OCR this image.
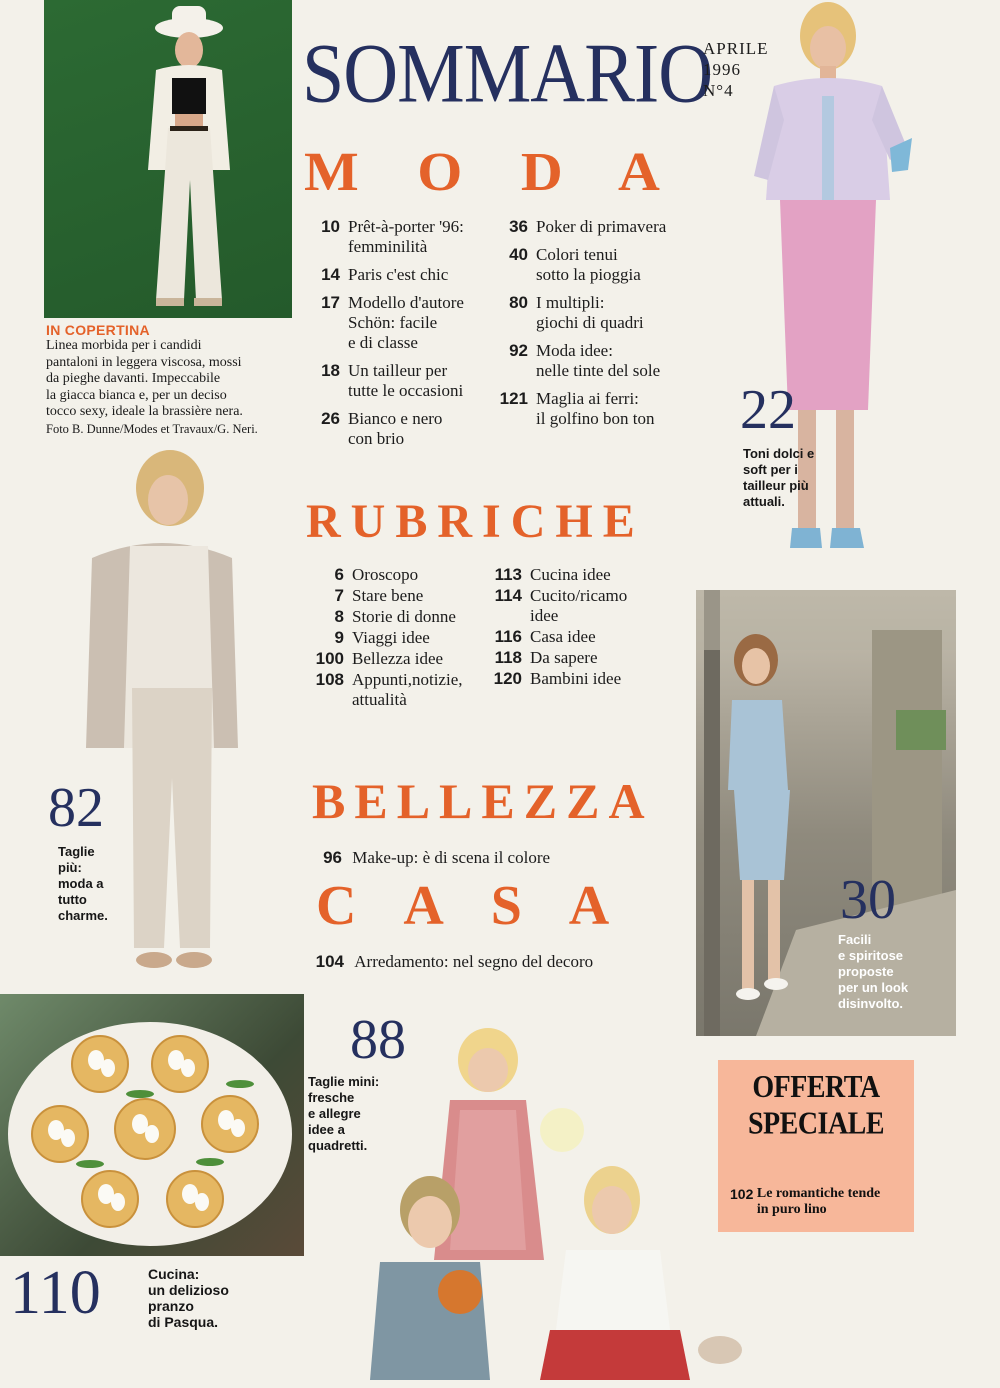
IN COPERTINA
Linea morbida per i candidi
pantaloni in leggera viscosa, mossi
da pieghe davanti. Impeccabile
la giacca bianca e, per un deciso
tocco sexy, ideale la brassière nera.
Foto B. Dunne/Modes et Travaux/G. Neri.
SOMMARIO
APRILE
1996
N°4
22
Toni dolci e
soft per i
tailleur più
attuali.
82
Taglie
più:
moda a
tutto
charme.	30
Facili
e spiritose
proposte
per un look
disinvolto.
110	Cucina:
un delizioso
pranzo
di Pasqua.
88
Taglie mini:
fresche
e allegre
idee a
quadretti.
OFFERTA
SPECIALE
102 Le romantiche tende
in puro lino
M O D A
10 Prêt-à-porter '96:
femminilità
14 Paris c'est chic
17 Modello d'autore
Schön: facile
e di classe
18 Un tailleur per
tutte le occasioni
26 Bianco e nero
con brio
36 Poker di primavera
40 Colori tenui
sotto la pioggia
80 I multipli:
giochi di quadri
92 Moda idee:
nelle tinte del sole
121 Maglia ai ferri:
il golfino bon ton
RUBRICHE
6 Oroscopo
7 Stare bene
8 Storie di donne
9 Viaggi idee
100 Bellezza idee
108 Appunti,notizie,
attualità
113 Cucina idee
114 Cucito/ricamo
idee
116 Casa idee
118 Da sapere
120 Bambini idee
BELLEZZA
96 Make-up: è di scena il colore
C A S A
104 Arredamento: nel segno del decoro
